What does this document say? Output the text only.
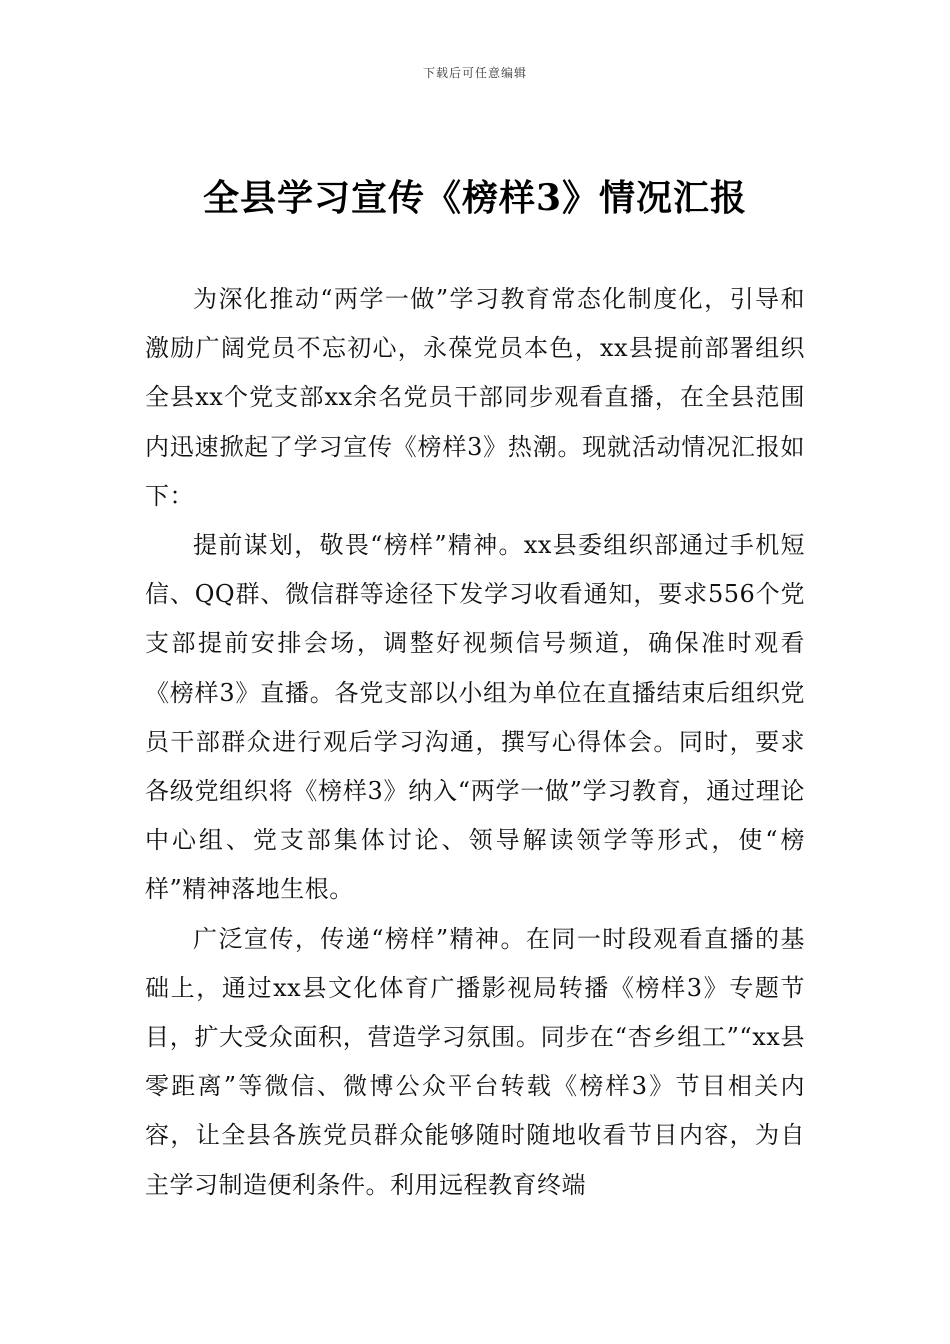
下载后可任意编辑
全县学习宣传《榜样3》情况汇报

为深化推动“两学一做”学习教育常态化制度化，引导和激励广阔党员不忘初心，永葆党员本色，xx县提前部署组织全县xx个党支部xx余名党员干部同步观看直播，在全县范围内迅速掀起了学习宣传《榜样3》热潮。现就活动情况汇报如下：

提前谋划，敬畏“榜样”精神。xx县委组织部通过手机短信、QQ群、微信群等途径下发学习收看通知，要求556个党支部提前安排会场，调整好视频信号频道，确保准时观看《榜样3》直播。各党支部以小组为单位在直播结束后组织党员干部群众进行观后学习沟通，撰写心得体会。同时，要求各级党组织将《榜样3》纳入“两学一做”学习教育，通过理论中心组、党支部集体讨论、领导解读领学等形式，使“榜样”精神落地生根。

广泛宣传，传递“榜样”精神。在同一时段观看直播的基础上，通过xx县文化体育广播影视局转播《榜样3》专题节目，扩大受众面积，营造学习氛围。同步在“杏乡组工”“xx县零距离”等微信、微博公众平台转载《榜样3》节目相关内容，让全县各族党员群众能够随时随地收看节目内容，为自主学习制造便利条件。利用远程教育终端
